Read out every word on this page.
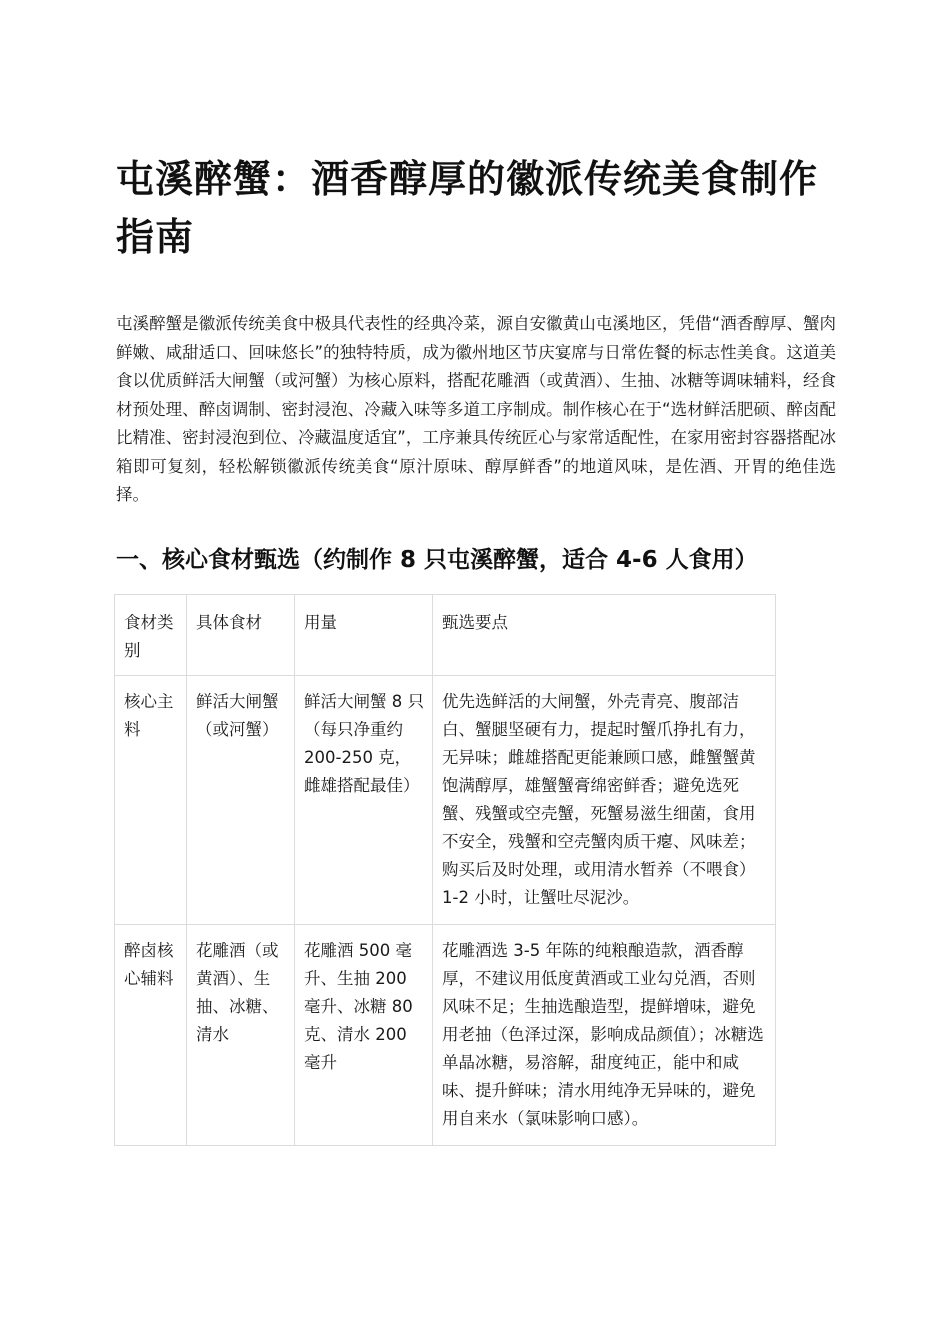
屯溪醉蟹：酒香醇厚的徽派传统美食制作指南

屯溪醉蟹是徽派传统美食中极具代表性的经典冷菜，源自安徽黄山屯溪地区，凭借“酒香醇厚、蟹肉鲜嫩、咸甜适口、回味悠长”的独特特质，成为徽州地区节庆宴席与日常佐餐的标志性美食。这道美食以优质鲜活大闸蟹（或河蟹）为核心原料，搭配花雕酒（或黄酒）、生抽、冰糖等调味辅料，经食材预处理、醉卤调制、密封浸泡、冷藏入味等多道工序制成。制作核心在于“选材鲜活肥硕、醉卤配比精准、密封浸泡到位、冷藏温度适宜”，工序兼具传统匠心与家常适配性，在家用密封容器搭配冰箱即可复刻，轻松解锁徽派传统美食“原汁原味、醇厚鲜香”的地道风味，是佐酒、开胃的绝佳选择。

一、核心食材甄选（约制作 8 只屯溪醉蟹，适合 4-6 人食用）
食材类别	具体食材	用量	甄选要点
核心主料	鲜活大闸蟹（或河蟹）	鲜活大闸蟹 8 只（每只净重约 200-250 克，雌雄搭配最佳）	优先选鲜活的大闸蟹，外壳青亮、腹部洁白、蟹腿坚硬有力，提起时蟹爪挣扎有力，无异味；雌雄搭配更能兼顾口感，雌蟹蟹黄饱满醇厚，雄蟹蟹膏绵密鲜香；避免选死蟹、残蟹或空壳蟹，死蟹易滋生细菌，食用不安全，残蟹和空壳蟹肉质干瘪、风味差；购买后及时处理，或用清水暂养（不喂食）1-2 小时，让蟹吐尽泥沙。
醉卤核心辅料	花雕酒（或黄酒）、生抽、冰糖、清水	花雕酒 500 毫升、生抽 200 毫升、冰糖 80 克、清水 200 毫升	花雕酒选 3-5 年陈的纯粮酿造款，酒香醇厚，不建议用低度黄酒或工业勾兑酒，否则风味不足；生抽选酿造型，提鲜增味，避免用老抽（色泽过深，影响成品颜值）；冰糖选单晶冰糖，易溶解，甜度纯正，能中和咸味、提升鲜味；清水用纯净无异味的，避免用自来水（氯味影响口感）。
